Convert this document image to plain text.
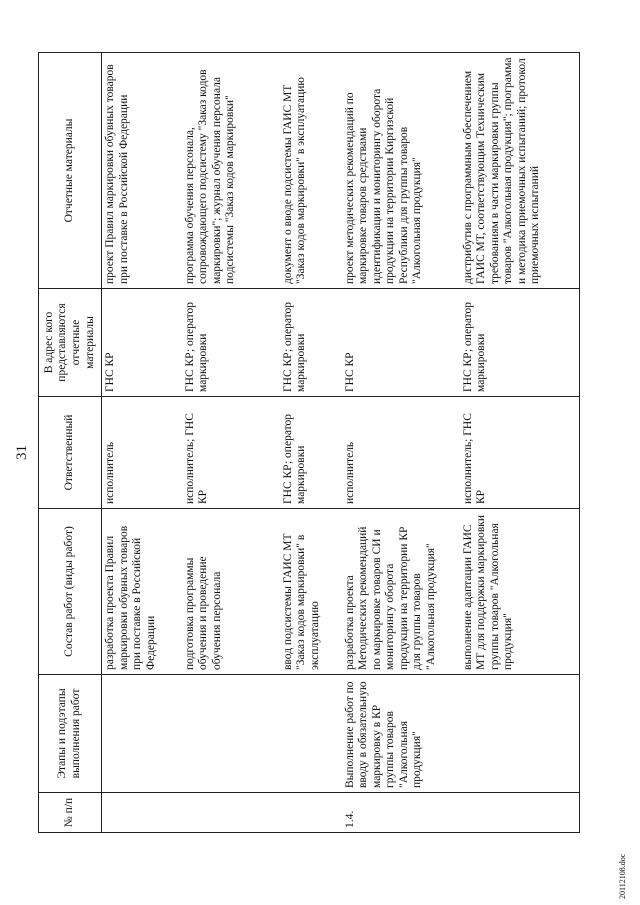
31
№ п/п	Этапы и подэтапы выполнения работ	Состав работ (виды работ)	Ответственный	В адрес кого представляются отчетные материалы	Отчетные материалы
		разработка проекта Правил маркировки обувных товаров при поставке в Российской Федерации	исполнитель	ГНС КР	проект Правил маркировки обувных товаров при поставке в Российской Федерации
		подготовка программы обучения и проведение обучения персонала	исполнитель; ГНС КР	ГНС КР; оператор маркировки	программа обучения персонала, сопровождающего подсистему "Заказ кодов маркировки"; журнал обучения персонала подсистемы "Заказ кодов маркировки"
		ввод подсистемы ГАИС МТ "Заказ кодов маркировки" в эксплуатацию	ГНС КР; оператор маркировки	ГНС КР; оператор маркировки	документ о вводе подсистемы ГАИС МТ "Заказ кодов маркировки" в эксплуатацию
1.4.	Выполнение работ по вводу в обязательную маркировку в КР группы товаров "Алкогольная продукция"	разработка проекта Методических рекомендаций по маркировке товаров СИ и мониторингу оборота продукции на территории КР для группы товаров "Алкогольная продукция"	исполнитель	ГНС КР	проект методических рекомендаций по маркировке товаров средствами идентификации и мониторингу оборота продукции на территории Киргизской Республики для группы товаров "Алкогольная продукция"
		выполнение адаптации ГАИС МТ для поддержки маркировки группы товаров "Алкогольная продукция"	исполнитель; ГНС КР	ГНС КР; оператор маркировки	дистрибутив с программным обеспечением ГАИС МТ, соответствующим Техническим требованиям в части маркировки группы товаров "Алкогольная продукция"; программа и методика приемочных испытаний; протокол приемочных испытаний
20112108.doc
